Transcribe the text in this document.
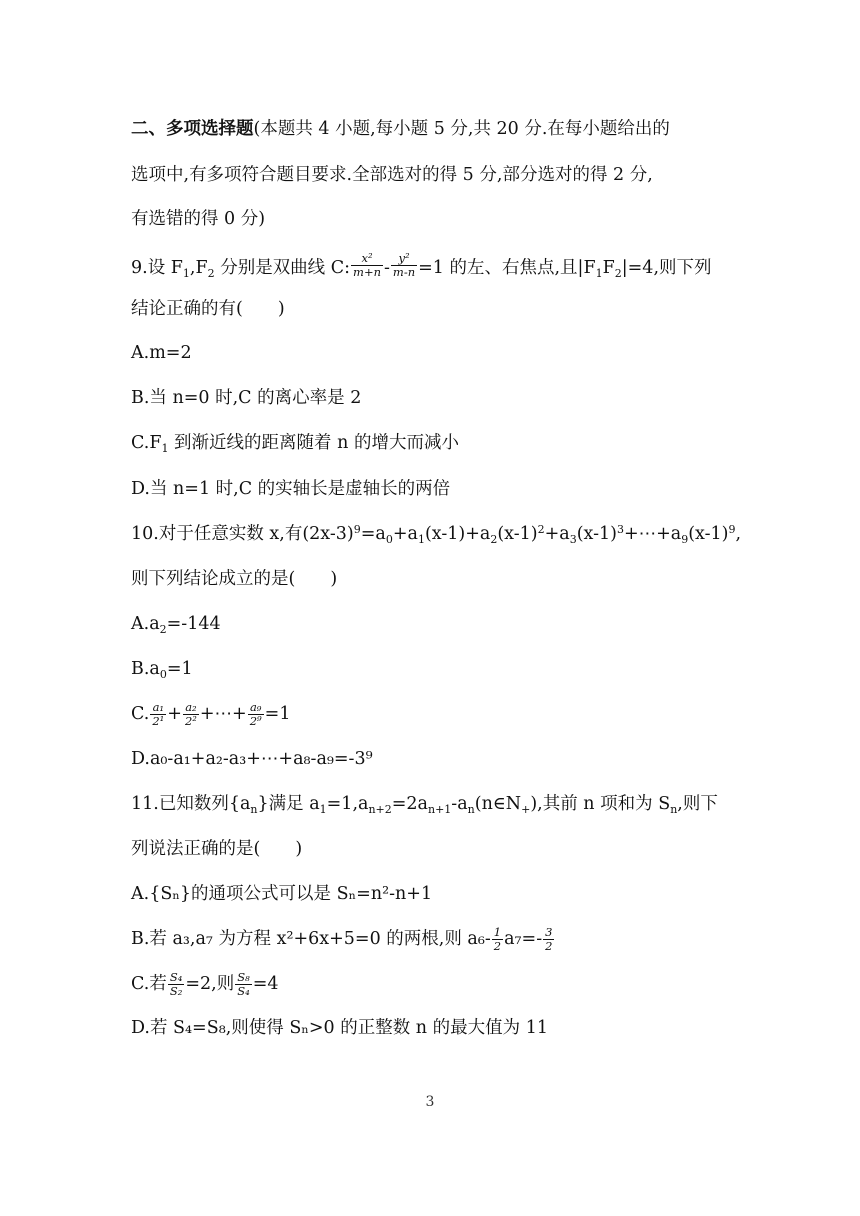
二、多项选择题(本题共 4 小题,每小题 5 分,共 20 分.在每小题给出的
选项中,有多项符合题目要求.全部选对的得 5 分,部分选对的得 2 分,
有选错的得 0 分)
9.设 $F_1,F_2$ 分别是双曲线 C: $\frac{\text{x²}}{m+n} - \frac{\text{y²}}{m-n} =1$ 的左、右焦点,且$|F_1F_2|=4$,则下列
结论正确的有(　　)
A.m=2
B.当 n=0 时,C 的离心率是 2
$C.F_1$ 到渐近线的距离随着 n 的增大而减小
D.当 n=1 时,C 的实轴长是虚轴长的两倍
10.对于任意实数 x,有$(2x-3)^9=a_0+a_1(x-1)+a_2(x-1)^2+a_3(x-1)^3+\cdots+a_9(x-1)^9$,
则下列结论成立的是(　　)
$A.a_2=-144$
$B.a_0=1$
C. $\frac{\text{a₁}}{\text{2¹}} + \frac{\text{a₂}}{\text{2²}}$ +⋯+ $\frac{\text{a₉}}{\text{2⁹}} =1$
D.a₀-a₁+a₂-a₃+⋯+a₈-a₉=-3⁹
11.已知数列$\{a_n\}$满足 $a_1=1,a_{n+2}=2a_{n+1}-a_n(n\in N_+)$,其前 n 项和为 $S_n$,则下
列说法正确的是(　　)
A.{Sₙ}的通项公式可以是 Sₙ=n²-n+1
B.若 a₃,a₇ 为方程 x²+6x+5=0 的两根,则 $a_6- \frac{1}{2} a_7=- \frac{3}{2}$
C.若 $\frac{\text{S₄}}{\text{S₂}} =2$,则 $\frac{\text{S₈}}{\text{S₄}} =4$
D.若 S₄=S₈,则使得 Sₙ>0 的正整数 n 的最大值为 11
3
